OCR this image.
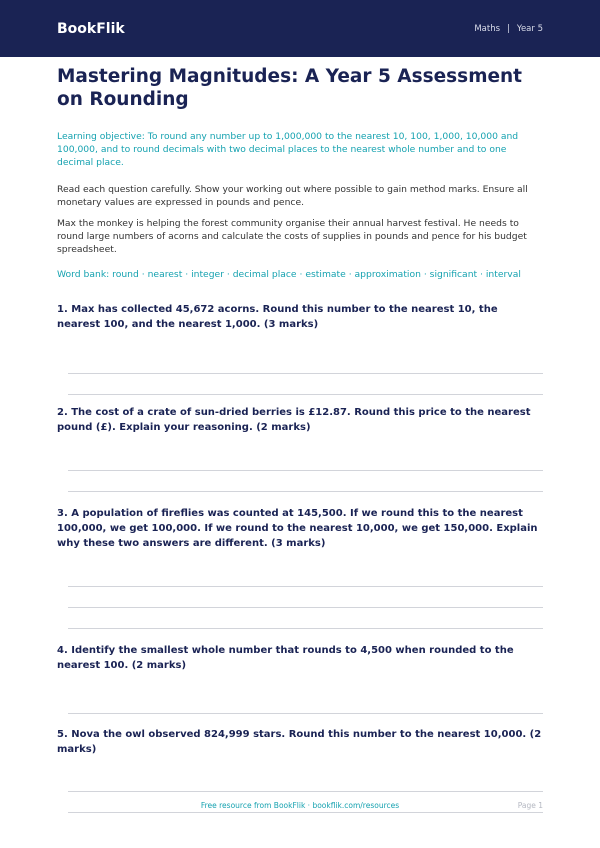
BookFlik	Maths | Year 5
Mastering Magnitudes: A Year 5 Assessment on Rounding

Learning objective: To round any number up to 1,000,000 to the nearest 10, 100, 1,000, 10,000 and 100,000, and to round decimals with two decimal places to the nearest whole number and to one decimal place.

Read each question carefully. Show your working out where possible to gain method marks. Ensure all monetary values are expressed in pounds and pence.

Max the monkey is helping the forest community organise their annual harvest festival. He needs to round large numbers of acorns and calculate the costs of supplies in pounds and pence for his budget spreadsheet.

Word bank: round · nearest · integer · decimal place · estimate · approximation · significant · interval

1. Max has collected 45,672 acorns. Round this number to the nearest 10, the nearest 100, and the nearest 1,000. (3 marks)

2. The cost of a crate of sun-dried berries is £12.87. Round this price to the nearest pound (£). Explain your reasoning. (2 marks)

3. A population of fireflies was counted at 145,500. If we round this to the nearest 100,000, we get 100,000. If we round to the nearest 10,000, we get 150,000. Explain why these two answers are different. (3 marks)

4. Identify the smallest whole number that rounds to 4,500 when rounded to the nearest 100. (2 marks)

5. Nova the owl observed 824,999 stars. Round this number to the nearest 10,000. (2 marks)

Free resource from BookFlik · bookflik.com/resources	Page 1
